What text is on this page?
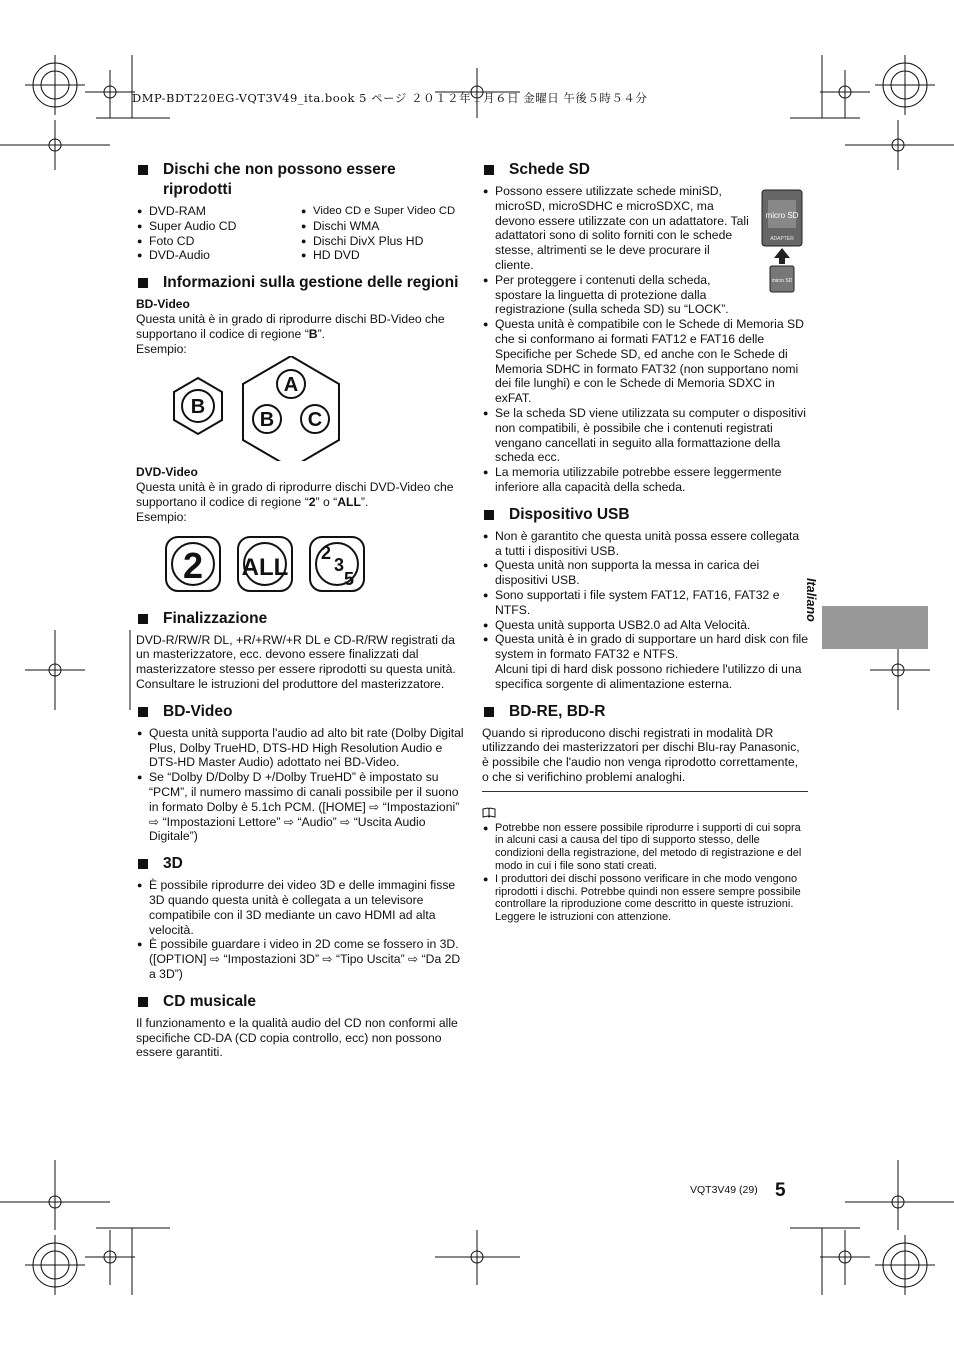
DMP-BDT220EG-VQT3V49_ita.book 5 ページ ２０１２年１月６日 金曜日 午後５時５４分
Dischi che non possono essere riprodotti
● DVD-RAM
● Super Audio CD
● Foto CD
● DVD-Audio
● Video CD e Super Video CD
● Dischi WMA
● Dischi DivX Plus HD
● HD DVD
Informazioni sulla gestione delle regioni

BD-Video

Questa unità è in grado di riprodurre dischi BD-Video che supportano il codice di regione “B”.

Esempio:

B
A
B C

DVD-Video

Questa unità è in grado di riprodurre dischi DVD-Video che supportano il codice di regione “2” o “ALL”.

Esempio:

2 ALL
2
3
5
Finalizzazione

DVD-R/RW/R DL, +R/+RW/+R DL e CD-R/RW registrati da un masterizzatore, ecc. devono essere finalizzati dal masterizzatore stesso per essere riprodotti su questa unità. Consultare le istruzioni del produttore del masterizzatore.

BD-Video
● Questa unità supporta l'audio ad alto bit rate (Dolby Digital Plus, Dolby TrueHD, DTS-HD High Resolution Audio e DTS-HD Master Audio) adottato nei BD-Video.
● Se “Dolby D/Dolby D +/Dolby TrueHD” è impostato su “PCM”, il numero massimo di canali possibile per il suono in formato Dolby è 5.1ch PCM. ([HOME] ⇨ “Impostazioni” ⇨ “Impostazioni Lettore” ⇨ “Audio” ⇨ “Uscita Audio Digitale”)
3D
● È possibile riprodurre dei video 3D e delle immagini fisse 3D quando questa unità è collegata a un televisore compatibile con il 3D mediante un cavo HDMI ad alta velocità.
● È possibile guardare i video in 2D come se fossero in 3D. ([OPTION] ⇨ “Impostazioni 3D” ⇨ “Tipo Uscita” ⇨ “Da 2D a 3D”)
CD musicale

Il funzionamento e la qualità audio del CD non conformi alle specifiche CD-DA (CD copia controllo, ecc) non possono essere garantiti.

Schede SD
micro SD
ADAPTER
micro SD
● Possono essere utilizzate schede miniSD, microSD, microSDHC e microSDXC, ma devono essere utilizzate con un adattatore. Tali adattatori sono di solito forniti con le schede stesse, altrimenti se le deve procurare il cliente.
● Per proteggere i contenuti della scheda, spostare la linguetta di protezione dalla registrazione (sulla scheda SD) su “LOCK”.
● Questa unità è compatibile con le Schede di Memoria SD che si conformano ai formati FAT12 e FAT16 delle Specifiche per Schede SD, ed anche con le Schede di Memoria SDHC in formato FAT32 (non supportano nomi dei file lunghi) e con le Schede di Memoria SDXC in exFAT.
● Se la scheda SD viene utilizzata su computer o dispositivi non compatibili, è possibile che i contenuti registrati vengano cancellati in seguito alla formattazione della scheda ecc.
● La memoria utilizzabile potrebbe essere leggermente inferiore alla capacità della scheda.
Dispositivo USB
● Non è garantito che questa unità possa essere collegata a tutti i dispositivi USB.
● Questa unità non supporta la messa in carica dei dispositivi USB.
● Sono supportati i file system FAT12, FAT16, FAT32 e NTFS.
● Questa unità supporta USB2.0 ad Alta Velocità.
● Questa unità è in grado di supportare un hard disk con file system in formato FAT32 e NTFS.

Alcuni tipi di hard disk possono richiedere l'utilizzo di una specifica sorgente di alimentazione esterna.

BD-RE, BD-R

Quando si riproducono dischi registrati in modalità DR utilizzando dei masterizzatori per dischi Blu-ray Panasonic, è possibile che l'audio non venga riprodotto correttamente, o che si verifichino problemi analoghi.

● Potrebbe non essere possibile riprodurre i supporti di cui sopra in alcuni casi a causa del tipo di supporto stesso, delle condizioni della registrazione, del metodo di registrazione e del modo in cui i file sono stati creati.
● I produttori dei dischi possono verificare in che modo vengono riprodotti i dischi. Potrebbe quindi non essere sempre possibile controllare la riproduzione come descritto in queste istruzioni. Leggere le istruzioni con attenzione.
Italiano
VQT3V49 (29) 5
